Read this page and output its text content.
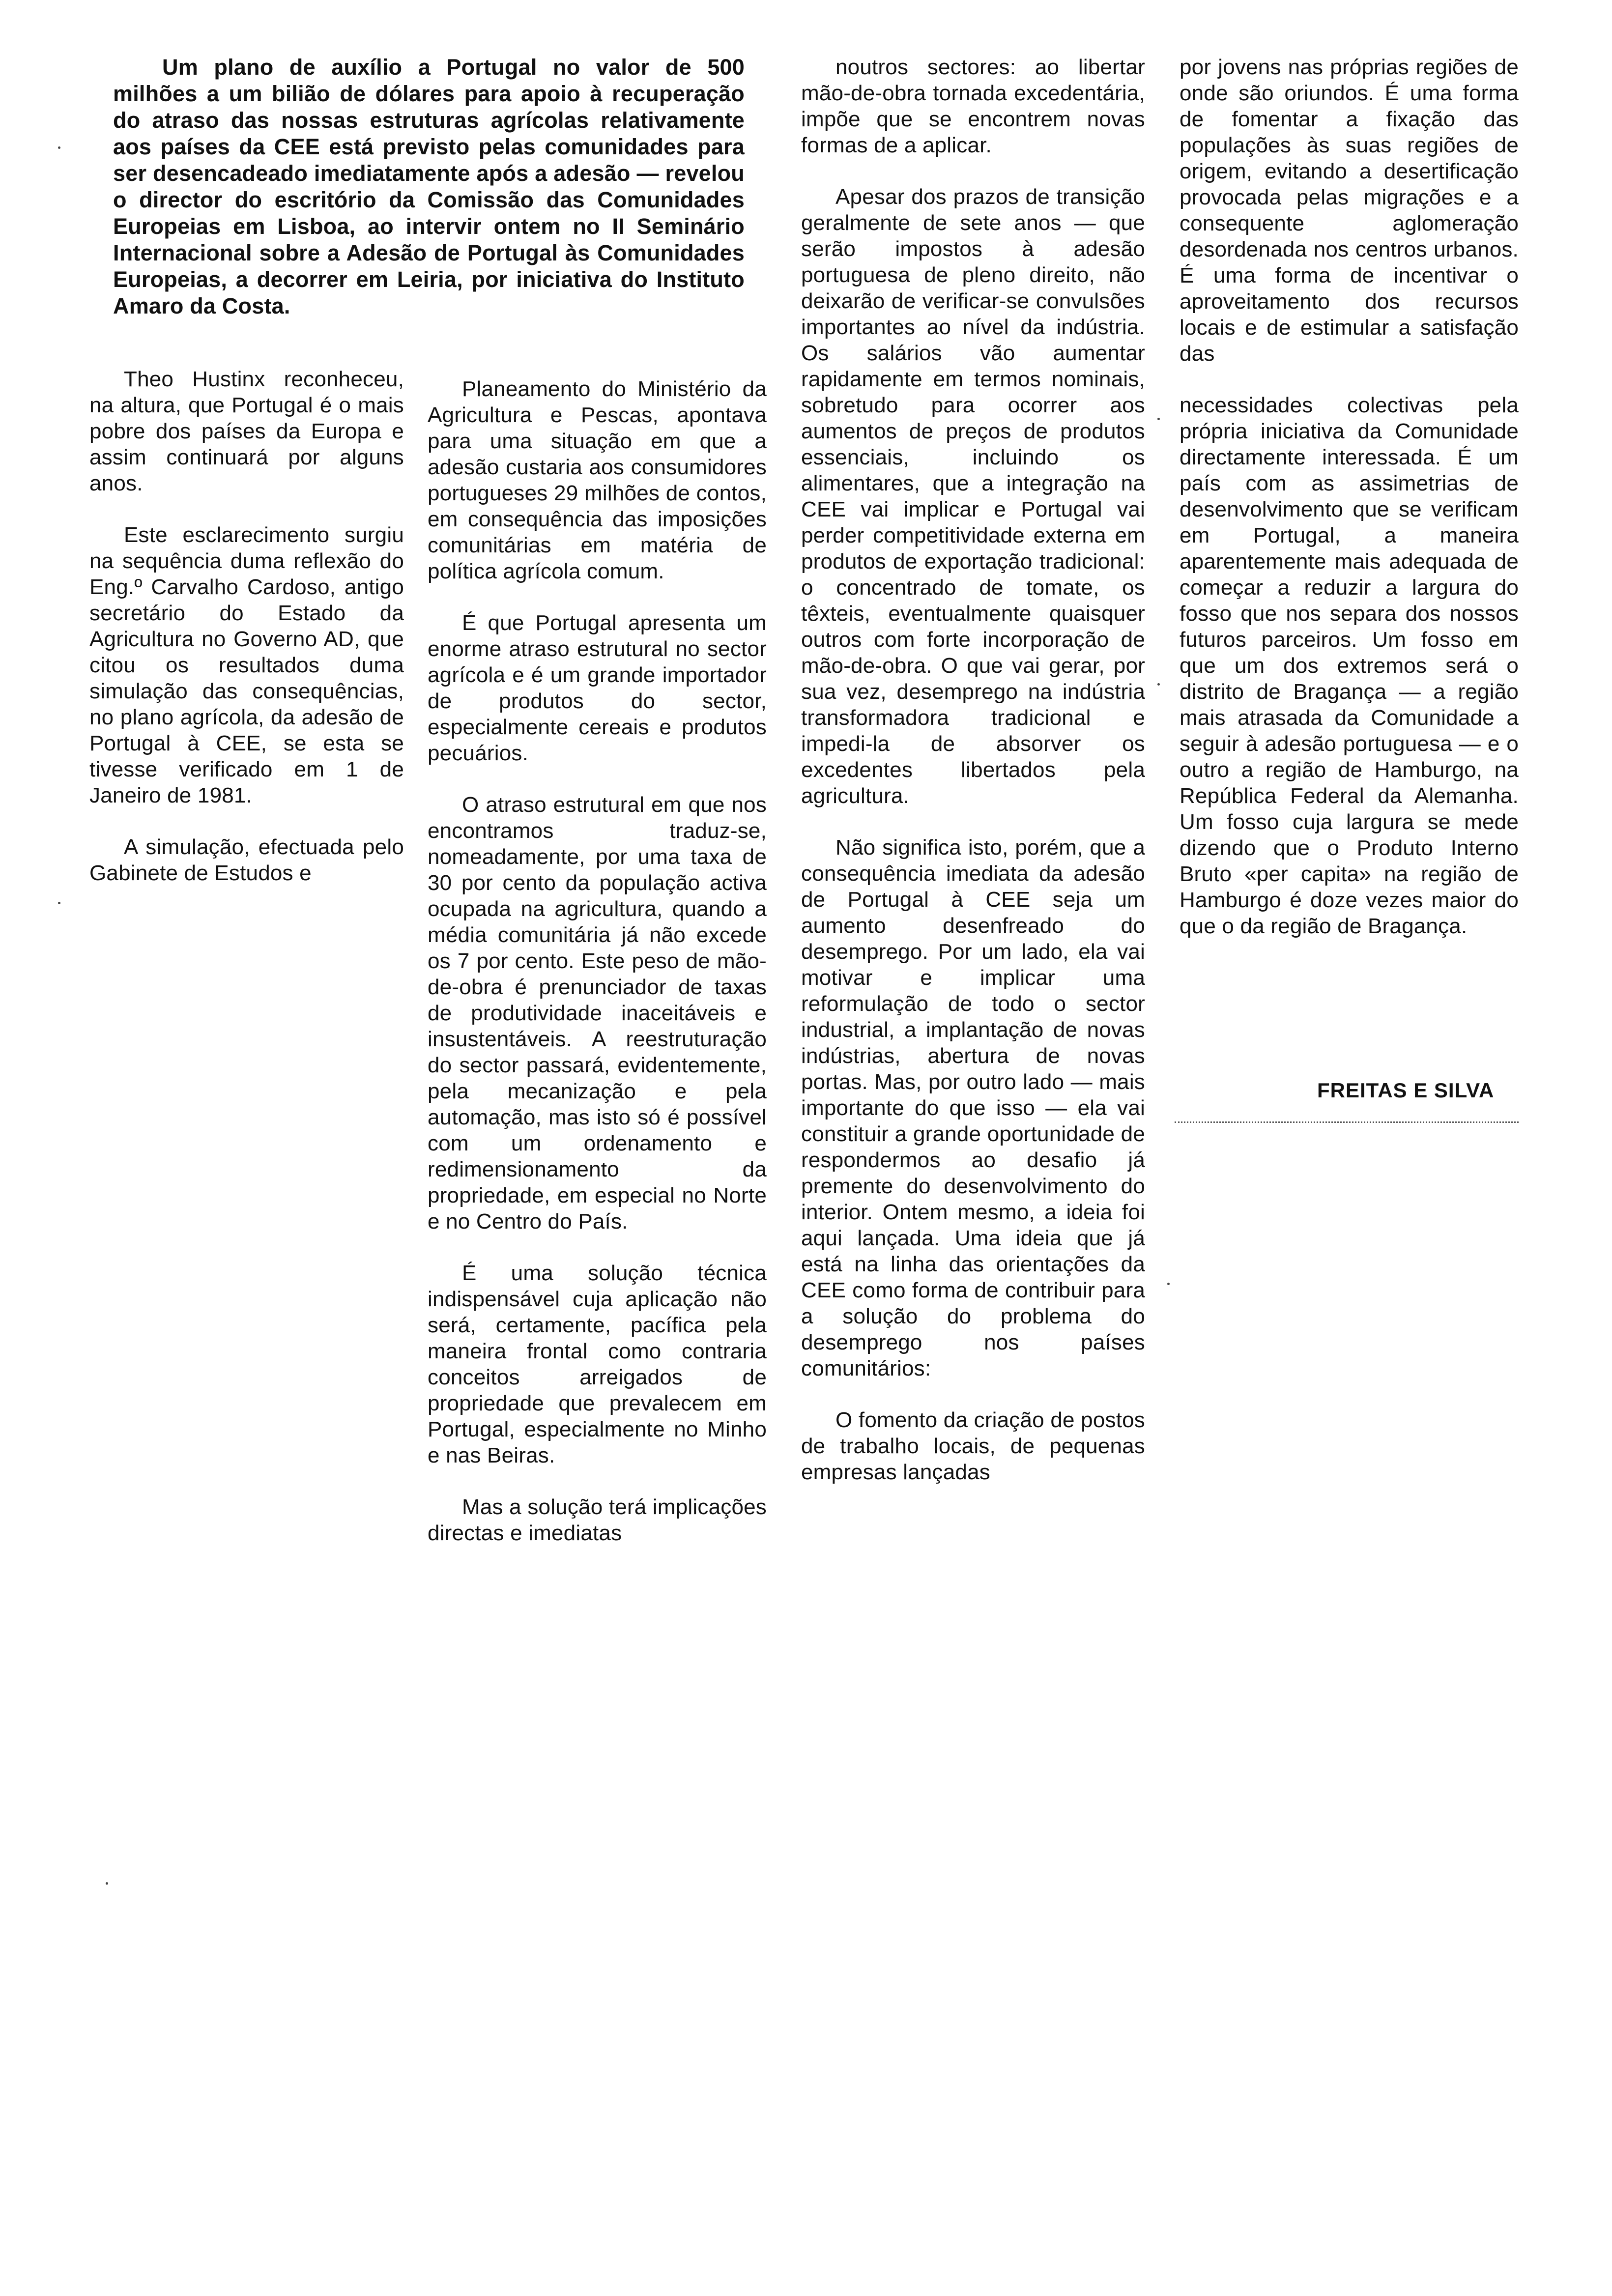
Um plano de auxílio a Portugal no valor de 500 milhões a um bilião de dólares para apoio à recuperação do atraso das nossas estruturas agrícolas relativamente aos países da CEE está previsto pelas comunidades para ser desencadeado imediatamente após a adesão — revelou o director do escritório da Comissão das Comunidades Europeias em Lisboa, ao intervir ontem no II Seminário Internacional sobre a Adesão de Portugal às Comunidades Europeias, a decorrer em Leiria, por iniciativa do Instituto Amaro da Costa.

Theo Hustinx reconheceu, na altura, que Portugal é o mais pobre dos países da Europa e assim continuará por alguns anos.

Este esclarecimento surgiu na sequência duma reflexão do Eng.º Carvalho Cardoso, antigo secretário do Estado da Agricultura no Governo AD, que citou os resultados duma simulação das consequências, no plano agrícola, da adesão de Portugal à CEE, se esta se tivesse verificado em 1 de Janeiro de 1981.

A simulação, efectuada pelo Gabinete de Estudos e

Planeamento do Ministério da Agricultura e Pescas, apontava para uma situação em que a adesão custaria aos consumidores portugueses 29 milhões de contos, em consequência das imposições comunitárias em matéria de política agrícola comum.

É que Portugal apresenta um enorme atraso estrutural no sector agrícola e é um grande importador de produtos do sector, especialmente cereais e produtos pecuários.

O atraso estrutural em que nos encontramos traduz-se, nomeadamente, por uma taxa de 30 por cento da população activa ocupada na agricultura, quando a média comunitária já não excede os 7 por cento. Este peso de mão-de-obra é prenunciador de taxas de produtividade inaceitáveis e insustentáveis. A reestruturação do sector passará, evidentemente, pela mecanização e pela automação, mas isto só é possível com um ordenamento e redimensionamento da propriedade, em especial no Norte e no Centro do País.

É uma solução técnica indispensável cuja aplicação não será, certamente, pacífica pela maneira frontal como contraria conceitos arreigados de propriedade que prevalecem em Portugal, especialmente no Minho e nas Beiras.

Mas a solução terá implicações directas e imediatas

noutros sectores: ao libertar mão-de-obra tornada excedentária, impõe que se encontrem novas formas de a aplicar.

Apesar dos prazos de transição geralmente de sete anos — que serão impostos à adesão portuguesa de pleno direito, não deixarão de verificar-se convulsões importantes ao nível da indústria. Os salários vão aumentar rapidamente em termos nominais, sobretudo para ocorrer aos aumentos de preços de produtos essenciais, incluindo os alimentares, que a integração na CEE vai implicar e Portugal vai perder competitividade externa em produtos de exportação tradicional: o concentrado de tomate, os têxteis, eventualmente quaisquer outros com forte incorporação de mão-de-obra. O que vai gerar, por sua vez, desemprego na indústria transformadora tradicional e impedi-la de absorver os excedentes libertados pela agricultura.

Não significa isto, porém, que a consequência imediata da adesão de Portugal à CEE seja um aumento desenfreado do desemprego. Por um lado, ela vai motivar e implicar uma reformulação de todo o sector industrial, a implantação de novas indústrias, abertura de novas portas. Mas, por outro lado — mais importante do que isso — ela vai constituir a grande oportunidade de respondermos ao desafio já premente do desenvolvimento do interior. Ontem mesmo, a ideia foi aqui lançada. Uma ideia que já está na linha das orientações da CEE como forma de contribuir para a solução do problema do desemprego nos países comunitários:

O fomento da criação de postos de trabalho locais, de pequenas empresas lançadas

por jovens nas próprias regiões de onde são oriundos. É uma forma de fomentar a fixação das populações às suas regiões de origem, evitando a desertificação provocada pelas migrações e a consequente aglomeração desordenada nos centros urbanos. É uma forma de incentivar o aproveitamento dos recursos locais e de estimular a satisfação das

necessidades colectivas pela própria iniciativa da Comunidade directamente interessada. É um país com as assimetrias de desenvolvimento que se verificam em Portugal, a maneira aparentemente mais adequada de começar a reduzir a largura do fosso que nos separa dos nossos futuros parceiros. Um fosso em que um dos extremos será o distrito de Bragança — a região mais atrasada da Comunidade a seguir à adesão portuguesa — e o outro a região de Hamburgo, na República Federal da Alemanha. Um fosso cuja largura se mede dizendo que o Produto Interno Bruto «per capita» na região de Hamburgo é doze vezes maior do que o da região de Bragança.

FREITAS E SILVA
